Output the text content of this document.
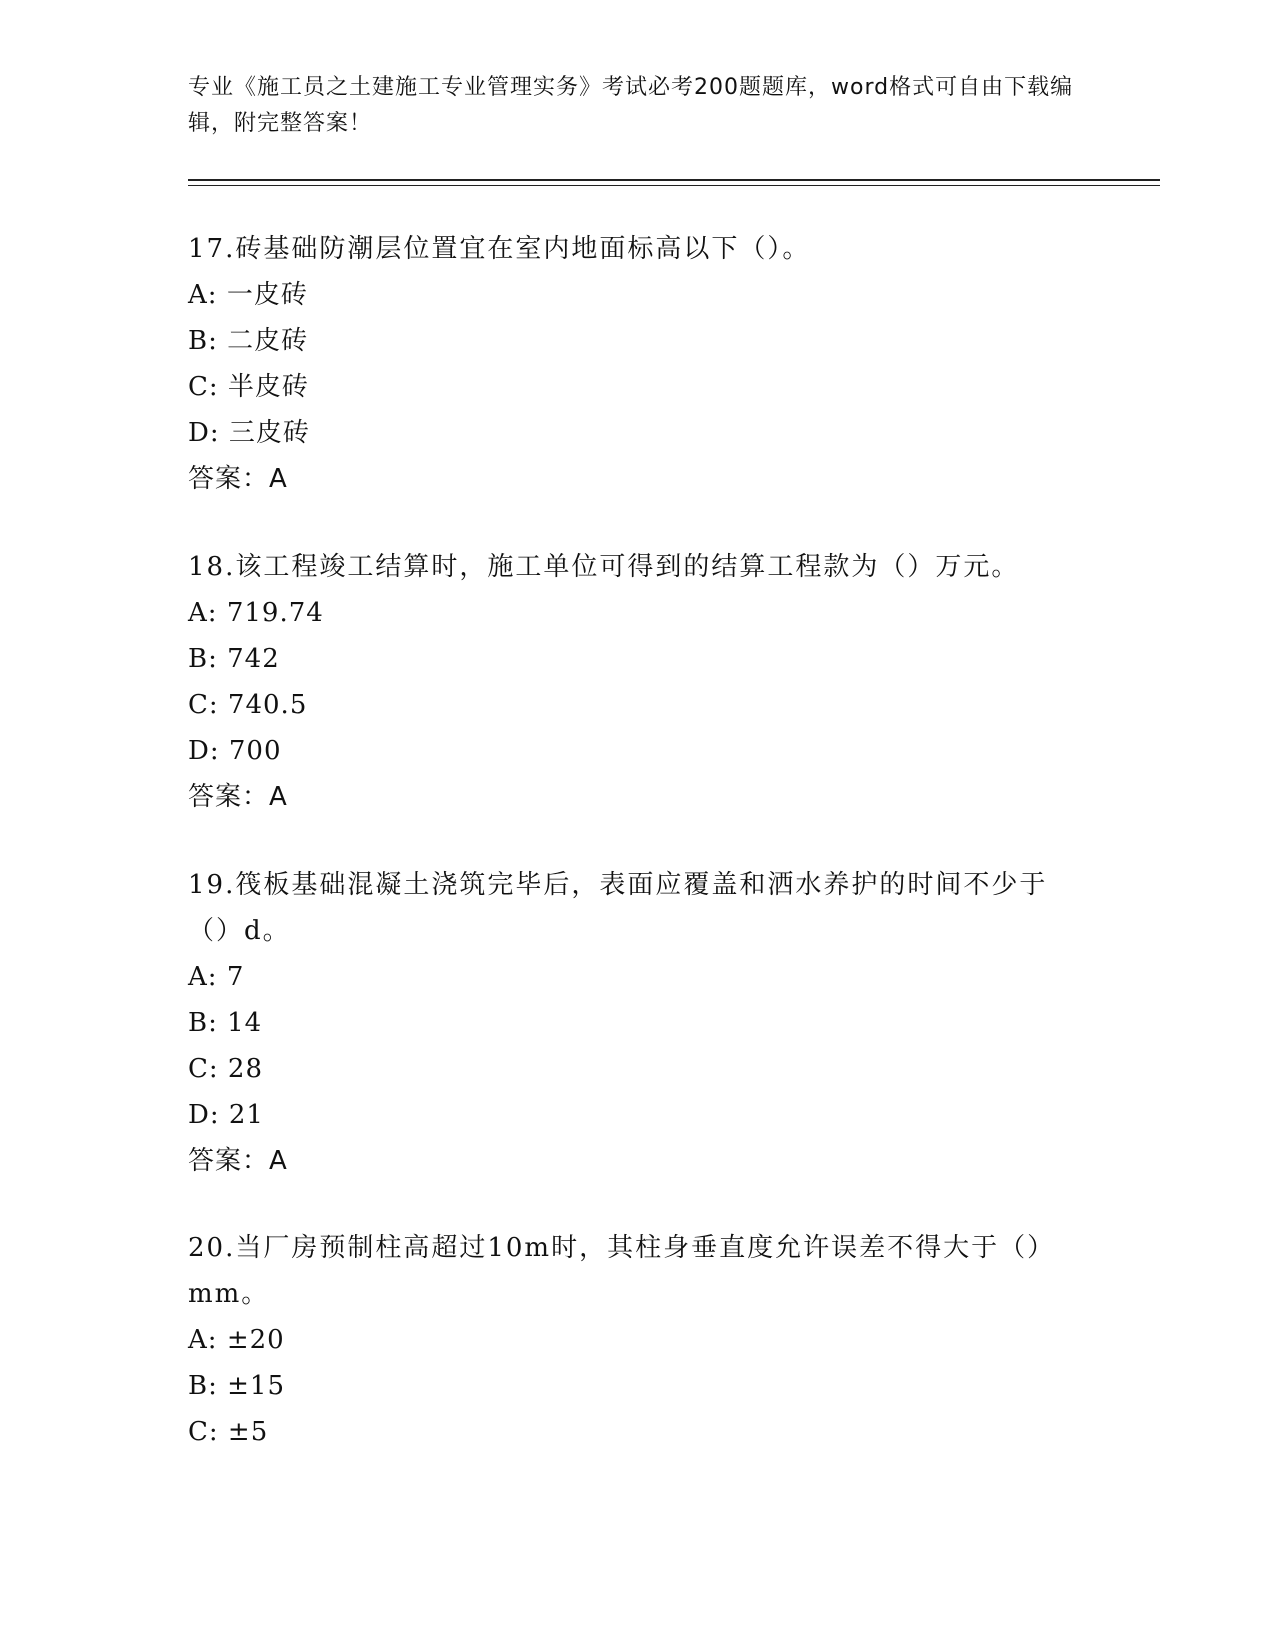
专业《施工员之土建施工专业管理实务》考试必考200题题库，word格式可自由下载编辑，附完整答案！

17.砖基础防潮层位置宜在室内地面标高以下（）。

A: 一皮砖
B: 二皮砖
C: 半皮砖
D: 三皮砖
答案：A

18.该工程竣工结算时，施工单位可得到的结算工程款为（）万元。

A: 719.74
B: 742
C: 740.5
D: 700
答案：A

19.筏板基础混凝土浇筑完毕后，表面应覆盖和洒水养护的时间不少于（）d。

A: 7
B: 14
C: 28
D: 21
答案：A

20.当厂房预制柱高超过10m时，其柱身垂直度允许误差不得大于（）mm。

A: ±20
B: ±15
C: ±5
